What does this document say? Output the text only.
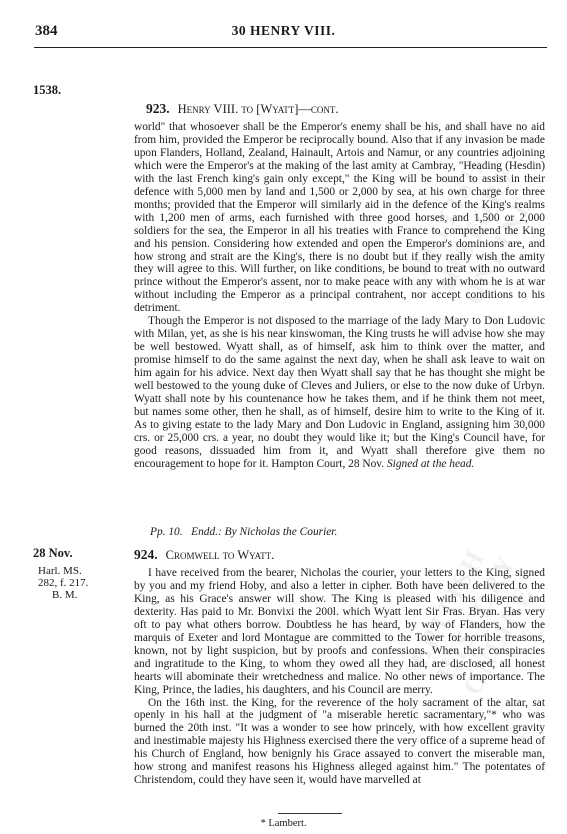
BRITISH HISTORY ONLINE
BRITISH HISTORY ONLINE
384	30 HENRY VIII.
1538.
923. Henry VIII. to [Wyatt]—cont.

world" that whosoever shall be the Emperor's enemy shall be his, and shall have no aid from him, provided the Emperor be reciprocally bound. Also that if any invasion be made upon Flanders, Holland, Zealand, Hainault, Artois and Namur, or any countries adjoining which were the Emperor's at the making of the last amity at Cambray, "Heading (Hesdin) with the last French king's gain only except," the King will be bound to assist in their defence with 5,000 men by land and 1,500 or 2,000 by sea, at his own charge for three months; provided that the Emperor will similarly aid in the defence of the King's realms with 1,200 men of arms, each furnished with three good horses, and 1,500 or 2,000 soldiers for the sea, the Emperor in all his treaties with France to comprehend the King and his pension. Considering how extended and open the Emperor's dominions are, and how strong and strait are the King's, there is no doubt but if they really wish the amity they will agree to this. Will further, on like conditions, be bound to treat with no outward prince without the Emperor's assent, nor to make peace with any with whom he is at war without including the Emperor as a principal contrahent, nor accept conditions to his detriment.

Though the Emperor is not disposed to the marriage of the lady Mary to Don Ludovic with Milan, yet, as she is his near kinswoman, the King trusts he will advise how she may be well bestowed. Wyatt shall, as of himself, ask him to think over the matter, and promise himself to do the same against the next day, when he shall ask leave to wait on him again for his advice. Next day then Wyatt shall say that he has thought she might be well bestowed to the young duke of Cleves and Juliers, or else to the now duke of Urbyn. Wyatt shall note by his countenance how he takes them, and if he think them not meet, but names some other, then he shall, as of himself, desire him to write to the King of it. As to giving estate to the lady Mary and Don Ludovic in England, assigning him 30,000 crs. or 25,000 crs. a year, no doubt they would like it; but the King's Council have, for good reasons, dissuaded him from it, and Wyatt shall therefore give them no encouragement to hope for it. Hampton Court, 28 Nov. Signed at the head.

Pp. 10. Endd.: By Nicholas the Courier.
28 Nov.
Harl. MS.
282, f. 217.
B. M.
924. Cromwell to Wyatt.

I have received from the bearer, Nicholas the courier, your letters to the King, signed by you and my friend Hoby, and also a letter in cipher. Both have been delivered to the King, as his Grace's answer will show. The King is pleased with his diligence and dexterity. Has paid to Mr. Bonvixi the 200l. which Wyatt lent Sir Fras. Bryan. Has very oft to pay what others borrow. Doubtless he has heard, by way of Flanders, how the marquis of Exeter and lord Montague are committed to the Tower for horrible treasons, known, not by light suspicion, but by proofs and confessions. When their conspiracies and ingratitude to the King, to whom they owed all they had, are disclosed, all honest hearts will abominate their wretchedness and malice. No other news of importance. The King, Prince, the ladies, his daughters, and his Council are merry.

On the 16th inst. the King, for the reverence of the holy sacrament of the altar, sat openly in his hall at the judgment of "a miserable heretic sacramentary,"* who was burned the 20th inst. "It was a wonder to see how princely, with how excellent gravity and inestimable majesty his Highness exercised there the very office of a supreme head of his Church of England, how benignly his Grace assayed to convert the miserable man, how strong and manifest reasons his Highness alleged against him." The potentates of Christendom, could they have seen it, would have marvelled at

* Lambert.
